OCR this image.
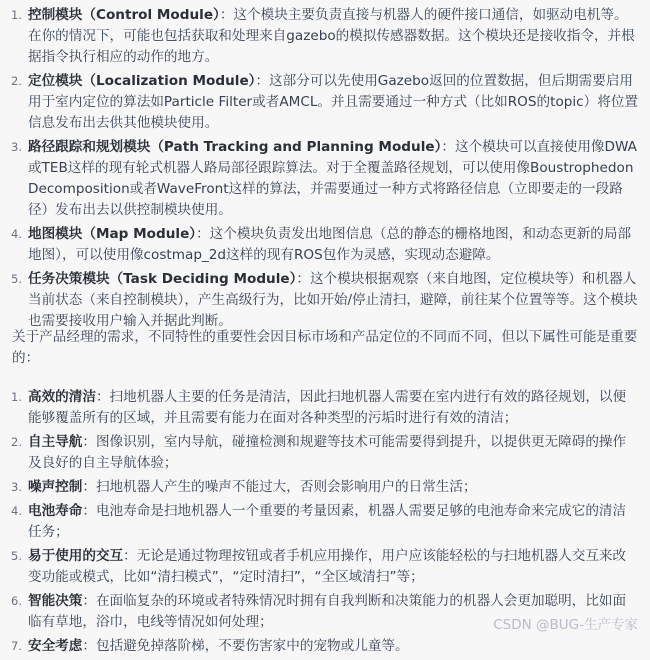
1. 控制模块（Control Module）：这个模块主要负责直接与机器人的硬件接口通信，如驱动电机等。在你的情况下，可能也包括获取和处理来自gazebo的模拟传感器数据。这个模块还是接收指令，并根据指令执行相应的动作的地方。
2. 定位模块（Localization Module）：这部分可以先使用Gazebo返回的位置数据，但后期需要启用用于室内定位的算法如Particle Filter或者AMCL。并且需要通过一种方式（比如ROS的topic）将位置信息发布出去供其他模块使用。
3. 路径跟踪和规划模块（Path Tracking and Planning Module）：这个模块可以直接使用像DWA或TEB这样的现有轮式机器人路局部径跟踪算法。对于全覆盖路径规划，可以使用像Boustrophedon Decomposition或者WaveFront这样的算法，并需要通过一种方式将路径信息（立即要走的一段路径）发布出去以供控制模块使用。
4. 地图模块（Map Module）：这个模块负责发出地图信息（总的静态的栅格地图，和动态更新的局部地图），可以使用像costmap_2d这样的现有ROS包作为灵感，实现动态避障。
5. 任务决策模块（Task Deciding Module）：这个模块根据观察（来自地图，定位模块等）和机器人当前状态（来自控制模块），产生高级行为，比如开始/停止清扫，避障，前往某个位置等等。这个模块也需要接收用户输入并据此判断。

关于产品经理的需求，不同特性的重要性会因目标市场和产品定位的不同而不同，但以下属性可能是重要的：

1. 高效的清洁：扫地机器人主要的任务是清洁，因此扫地机器人需要在室内进行有效的路径规划，以便能够覆盖所有的区域，并且需要有能力在面对各种类型的污垢时进行有效的清洁；
2. 自主导航：图像识别，室内导航，碰撞检测和规避等技术可能需要得到提升，以提供更无障碍的操作及良好的自主导航体验；
3. 噪声控制：扫地机器人产生的噪声不能过大，否则会影响用户的日常生活；
4. 电池寿命：电池寿命是扫地机器人一个重要的考量因素，机器人需要足够的电池寿命来完成它的清洁任务；
5. 易于使用的交互：无论是通过物理按钮或者手机应用操作，用户应该能轻松的与扫地机器人交互来改变功能或模式，比如“清扫模式”，“定时清扫”，“全区域清扫”等；
6. 智能决策：在面临复杂的环境或者特殊情况时拥有自我判断和决策能力的机器人会更加聪明，比如面临有草地，浴巾，电线等情况如何处理；
7. 安全考虑：包括避免掉落阶梯，不要伤害家中的宠物或儿童等。
CSDN @BUG-生产专家
